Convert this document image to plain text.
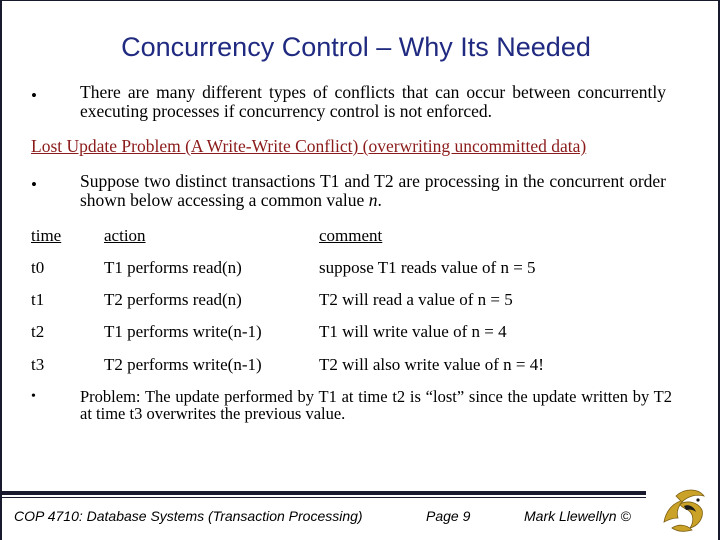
Concurrency Control – Why Its Needed
• There are many different types of conflicts that can occur between concurrently executing processes if concurrency control is not enforced.
Lost Update Problem (A Write-Write Conflict) (overwriting uncommitted data)
• Suppose two distinct transactions T1 and T2 are processing in the concurrent order shown below accessing a common value n.
time	action	comment
t0	T1 performs read(n)	suppose T1 reads value of n = 5
t1	T2 performs read(n)	T2 will read a value of n = 5
t2	T1 performs write(n-1)	T1 will write value of n = 4
t3	T2 performs write(n-1)	T2 will also write value of n = 4!
•	Problem: The update performed by T1 at time t2 is “lost” since the update written by T2 at time t3 overwrites the previous value.
COP 4710: Database Systems (Transaction Processing)	Page 9	Mark Llewellyn ©
